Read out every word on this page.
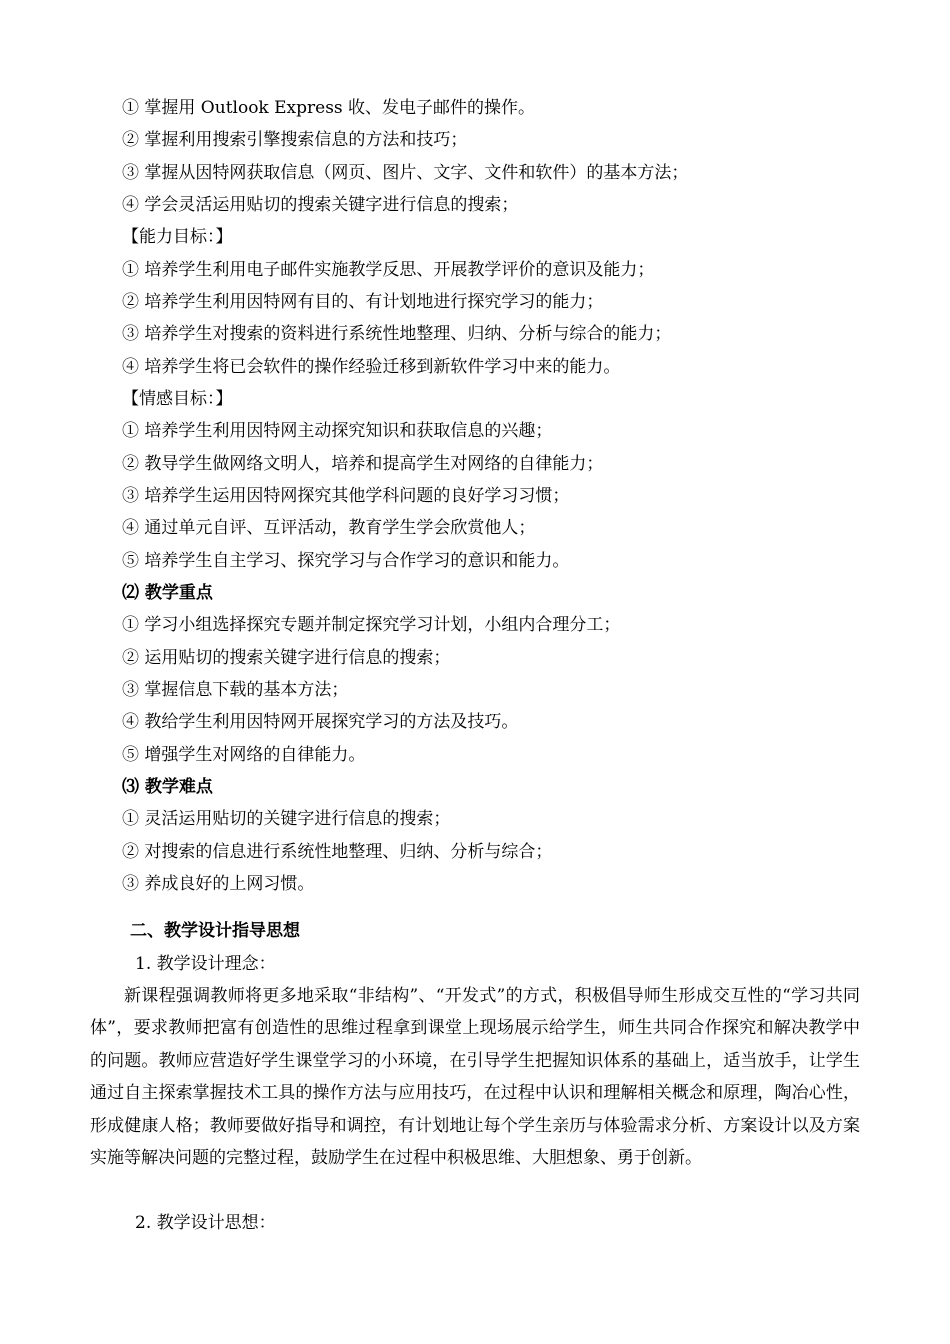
① 掌握用 Outlook Express 收、发电子邮件的操作。
② 掌握利用搜索引擎搜索信息的方法和技巧；
③ 掌握从因特网获取信息（网页、图片、文字、文件和软件）的基本方法；
④ 学会灵活运用贴切的搜索关键字进行信息的搜索；
【能力目标：】
① 培养学生利用电子邮件实施教学反思、开展教学评价的意识及能力；
② 培养学生利用因特网有目的、有计划地进行探究学习的能力；
③ 培养学生对搜索的资料进行系统性地整理、归纳、分析与综合的能力；
④ 培养学生将已会软件的操作经验迁移到新软件学习中来的能力。
【情感目标：】
① 培养学生利用因特网主动探究知识和获取信息的兴趣；
② 教导学生做网络文明人，培养和提高学生对网络的自律能力；
③ 培养学生运用因特网探究其他学科问题的良好学习习惯；
④ 通过单元自评、互评活动，教育学生学会欣赏他人；
⑤ 培养学生自主学习、探究学习与合作学习的意识和能力。
⑵ 教学重点
① 学习小组选择探究专题并制定探究学习计划，小组内合理分工；
② 运用贴切的搜索关键字进行信息的搜索；
③ 掌握信息下载的基本方法；
④ 教给学生利用因特网开展探究学习的方法及技巧。
⑤ 增强学生对网络的自律能力。
⑶ 教学难点
① 灵活运用贴切的关键字进行信息的搜索；
② 对搜索的信息进行系统性地整理、归纳、分析与综合；
③ 养成良好的上网习惯。
二、教学设计指导思想
1. 教学设计理念：
新课程强调教师将更多地采取“非结构”、“开发式”的方式，积极倡导师生形成交互性的“学习共同体”，要求教师把富有创造性的思维过程拿到课堂上现场展示给学生，师生共同合作探究和解决教学中的问题。教师应营造好学生课堂学习的小环境，在引导学生把握知识体系的基础上，适当放手，让学生通过自主探索掌握技术工具的操作方法与应用技巧，在过程中认识和理解相关概念和原理，陶冶心性，形成健康人格；教师要做好指导和调控，有计划地让每个学生亲历与体验需求分析、方案设计以及方案实施等解决问题的完整过程，鼓励学生在过程中积极思维、大胆想象、勇于创新。
2. 教学设计思想：
